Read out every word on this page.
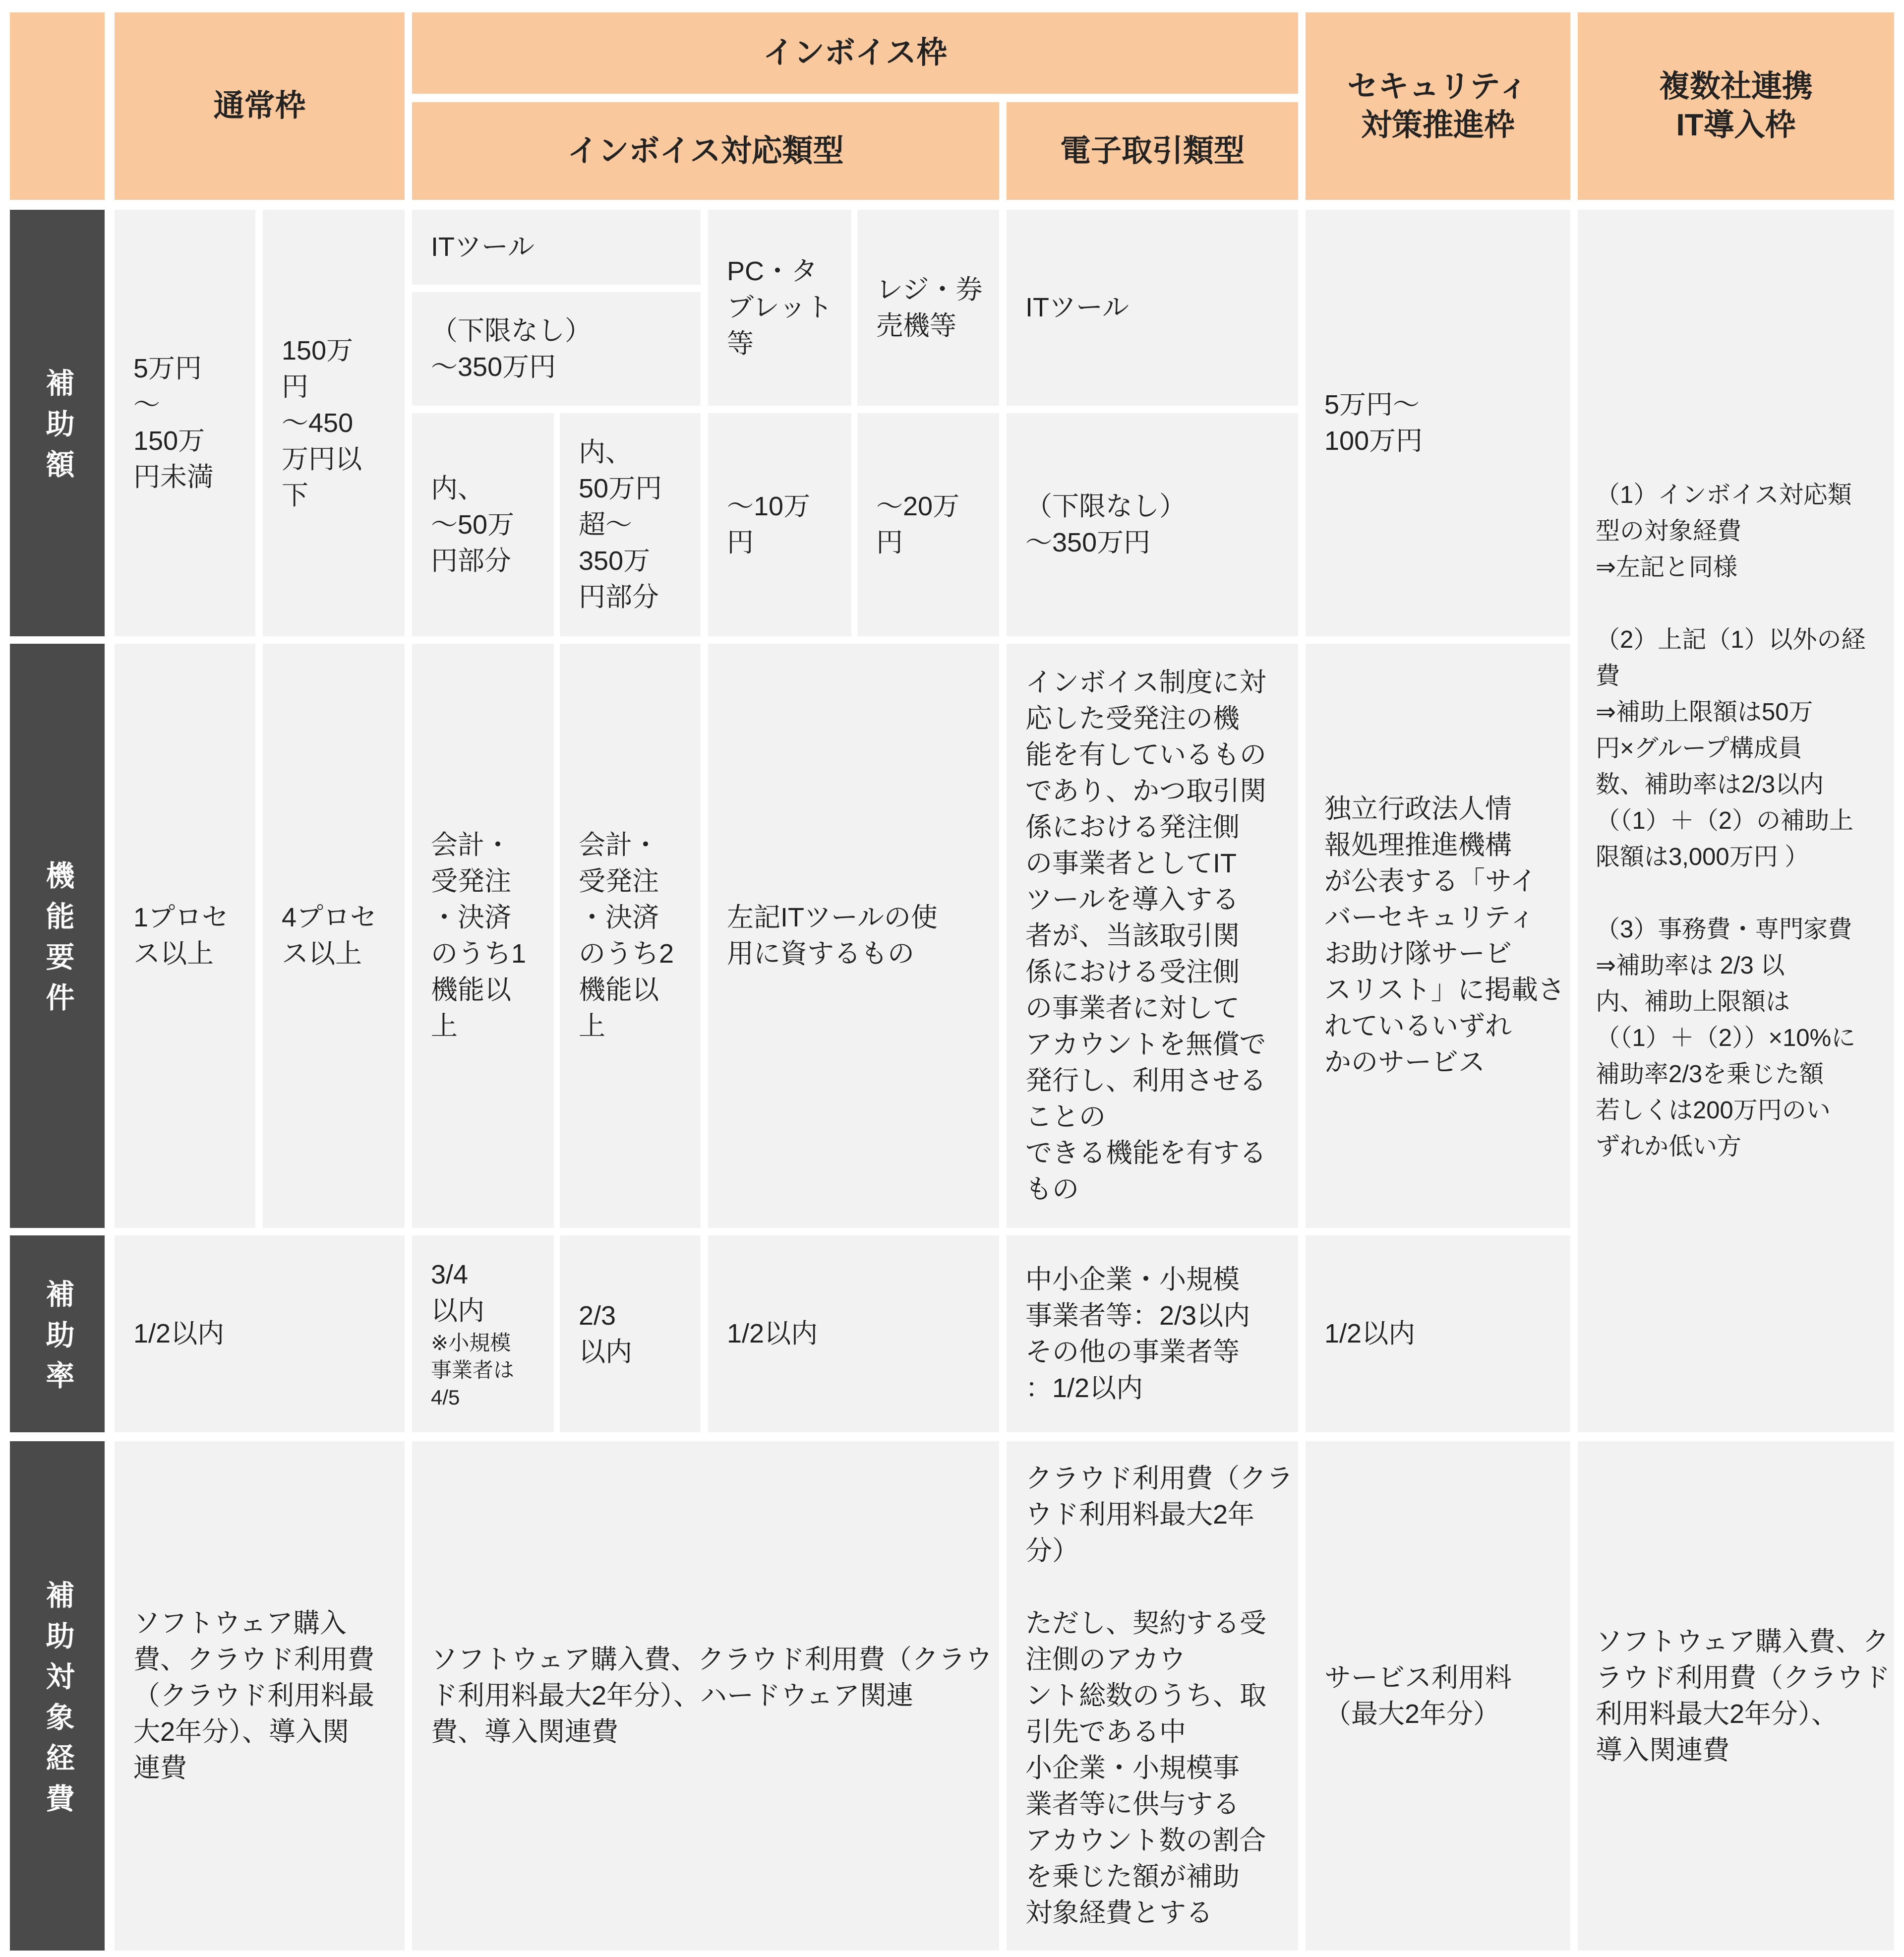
通常枠
インボイス枠
インボイス対応類型	電子取引類型
セキュリティ
対策推進枠
複数社連携
IT導入枠
補助額
機能要件
補助率
補助対象経費
5万円
〜
150万
円未満
150万
円
〜450
万円以
下
ITツール
（下限なし）
〜350万円
内、
〜50万
円部分
内、
50万円
超〜
350万
円部分
PC・タ
ブレット
等
〜10万
円
レジ・券
売機等
〜20万
円
ITツール
（下限なし）
〜350万円
5万円〜
100万円
（1）インボイス対応類
型の対象経費
⇒左記と同様

（2）上記（1）以外の経
費
⇒補助上限額は50万
円×グループ構成員
数、補助率は2/3以内
（（1）＋（2）の補助上
限額は3,000万円 ）

（3）事務費・専門家費
⇒補助率は 2/3 以
内、補助上限額は
（（1）＋（2））×10%に
補助率2/3を乗じた額
若しくは200万円のい
ずれか低い方
1プロセ
ス以上
4プロセ
ス以上
会計・
受発注
・決済
のうち1
機能以
上
会計・
受発注
・決済
のうち2
機能以
上
左記ITツールの使
用に資するもの
インボイス制度に対
応した受発注の機
能を有しているもの
であり、かつ取引関
係における発注側
の事業者としてIT
ツールを導入する
者が、当該取引関
係における受注側
の事業者に対して
アカウントを無償で
発行し、利用させる
ことの
できる機能を有する
もの
独立行政法人情
報処理推進機構
が公表する「サイ
バーセキュリティ
お助け隊サービ
スリスト」に掲載さ
れているいずれ
かのサービス
1/2以内
3/4
以内
※小規模
事業者は
4/5
2/3
以内
1/2以内
中小企業・小規模
事業者等：2/3以内
その他の事業者等
：1/2以内
1/2以内
ソフトウェア購入
費、クラウド利用費
（クラウド利用料最
大2年分）、導入関
連費
ソフトウェア購入費、クラウド利用費（クラウ
ド利用料最大2年分）、ハードウェア関連
費、導入関連費
クラウド利用費（クラ
ウド利用料最大2年
分）

ただし、契約する受
注側のアカウ
ント総数のうち、取
引先である中
小企業・小規模事
業者等に供与する
アカウント数の割合
を乗じた額が補助
対象経費とする
サービス利用料
（最大2年分）
ソフトウェア購入費、ク
ラウド利用費（クラウド
利用料最大2年分）、
導入関連費
